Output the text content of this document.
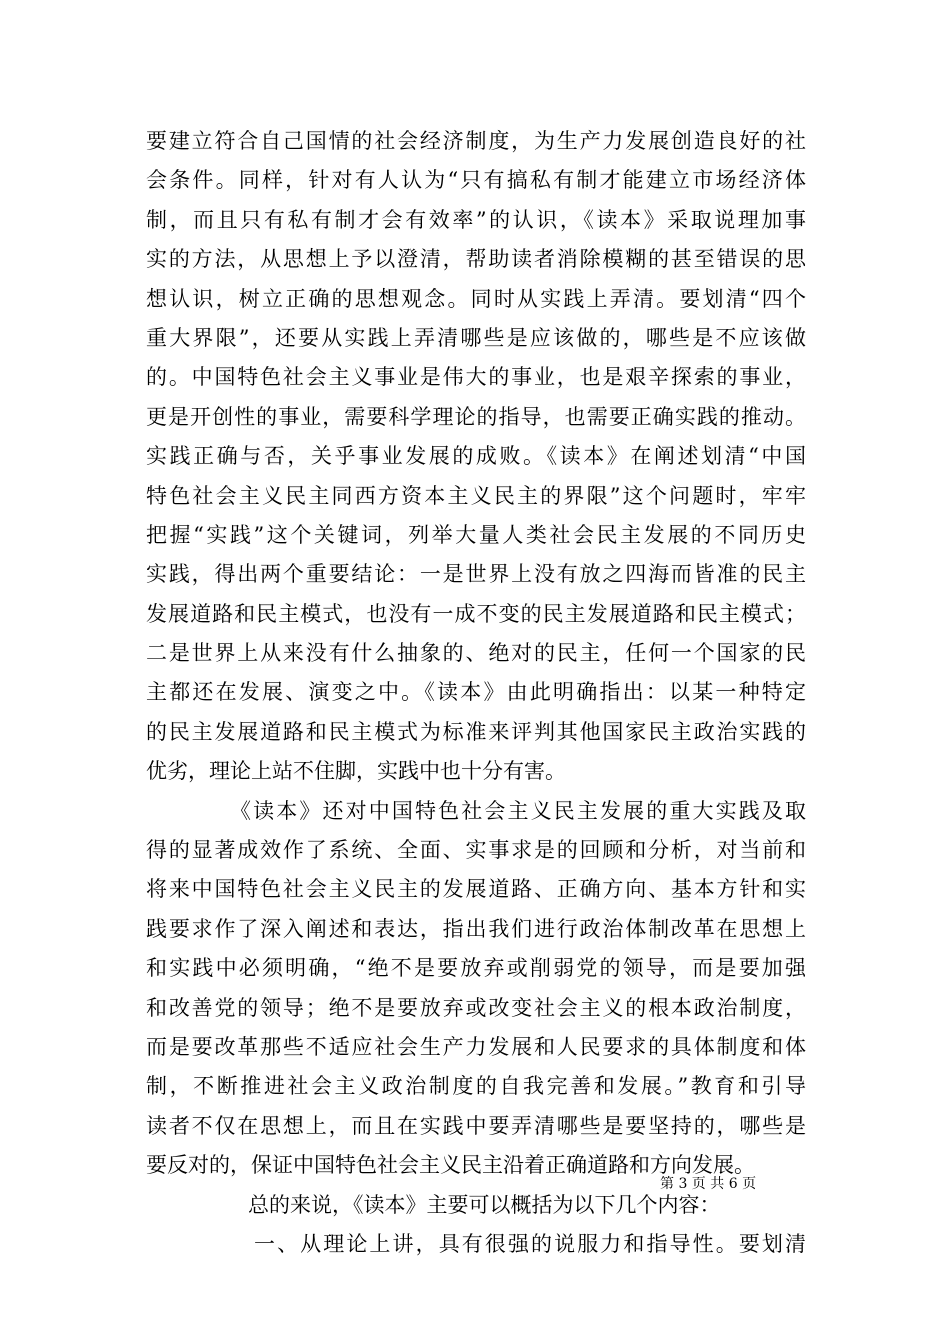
要建立符合自己国情的社会经济制度，为生产力发展创造良好的社
会条件。同样，针对有人认为“只有搞私有制才能建立市场经济体
制，而且只有私有制才会有效率”的认识，《读本》采取说理加事
实的方法，从思想上予以澄清，帮助读者消除模糊的甚至错误的思
想认识，树立正确的思想观念。同时从实践上弄清。要划清“四个
重大界限”，还要从实践上弄清哪些是应该做的，哪些是不应该做
的。中国特色社会主义事业是伟大的事业，也是艰辛探索的事业，
更是开创性的事业，需要科学理论的指导，也需要正确实践的推动。
实践正确与否，关乎事业发展的成败。《读本》在阐述划清“中国
特色社会主义民主同西方资本主义民主的界限”这个问题时，牢牢
把握“实践”这个关键词，列举大量人类社会民主发展的不同历史
实践，得出两个重要结论：一是世界上没有放之四海而皆准的民主
发展道路和民主模式，也没有一成不变的民主发展道路和民主模式；
二是世界上从来没有什么抽象的、绝对的民主，任何一个国家的民
主都还在发展、演变之中。《读本》由此明确指出：以某一种特定
的民主发展道路和民主模式为标准来评判其他国家民主政治实践的
优劣，理论上站不住脚，实践中也十分有害。
《读本》还对中国特色社会主义民主发展的重大实践及取
得的显著成效作了系统、全面、实事求是的回顾和分析，对当前和
将来中国特色社会主义民主的发展道路、正确方向、基本方针和实
践要求作了深入阐述和表达，指出我们进行政治体制改革在思想上
和实践中必须明确，“绝不是要放弃或削弱党的领导，而是要加强
和改善党的领导；绝不是要放弃或改变社会主义的根本政治制度，
而是要改革那些不适应社会生产力发展和人民要求的具体制度和体
制，不断推进社会主义政治制度的自我完善和发展。”教育和引导
读者不仅在思想上，而且在实践中要弄清哪些是要坚持的，哪些是
要反对的，保证中国特色社会主义民主沿着正确道路和方向发展。
总的来说，《读本》主要可以概括为以下几个内容：
一、从理论上讲，具有很强的说服力和指导性。要划清
第 3 页 共 6 页
